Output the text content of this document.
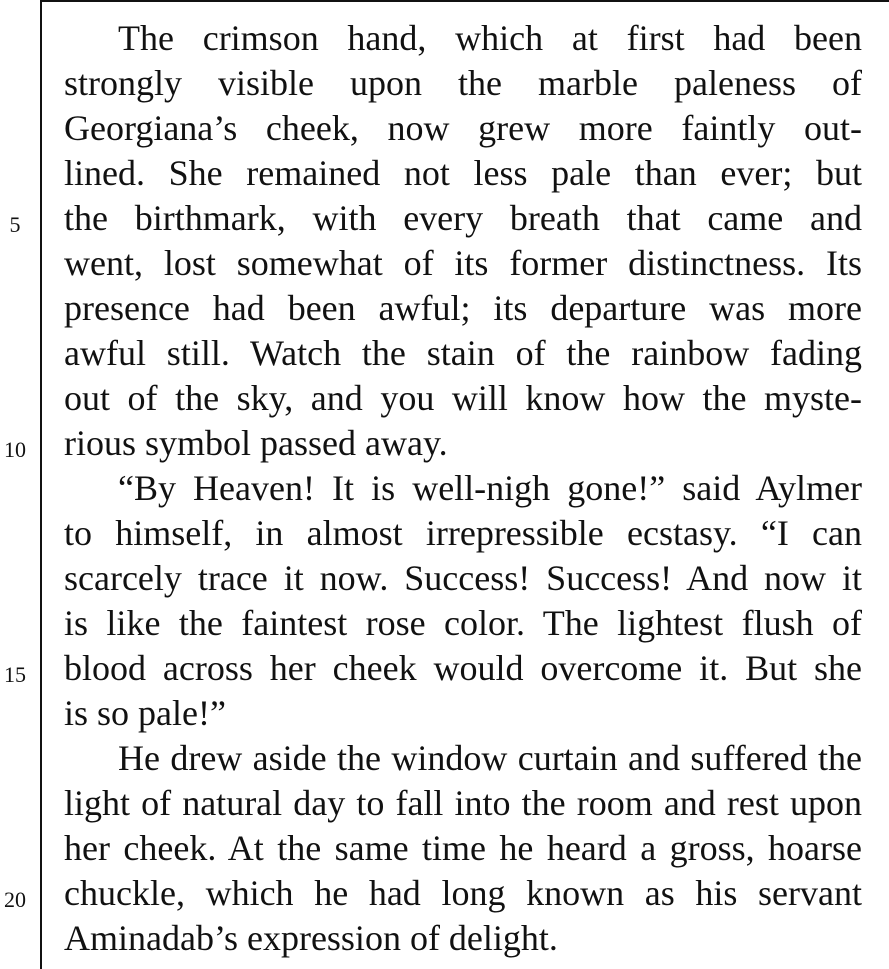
The crimson hand, which at first had been
strongly visible upon the marble paleness of
Georgiana’s cheek, now grew more faintly out-
lined. She remained not less pale than ever; but
the birthmark, with every breath that came and
went, lost somewhat of its former distinctness. Its
presence had been awful; its departure was more
awful still. Watch the stain of the rainbow fading
out of the sky, and you will know how the myste-
rious symbol passed away.
“By Heaven! It is well-nigh gone!” said Aylmer
to himself, in almost irrepressible ecstasy. “I can
scarcely trace it now. Success! Success! And now it
is like the faintest rose color. The lightest flush of
blood across her cheek would overcome it. But she
is so pale!”
He drew aside the window curtain and suffered the
light of natural day to fall into the room and rest upon
her cheek. At the same time he heard a gross, hoarse
chuckle, which he had long known as his servant
Aminadab’s expression of delight.
5
10
15
20
